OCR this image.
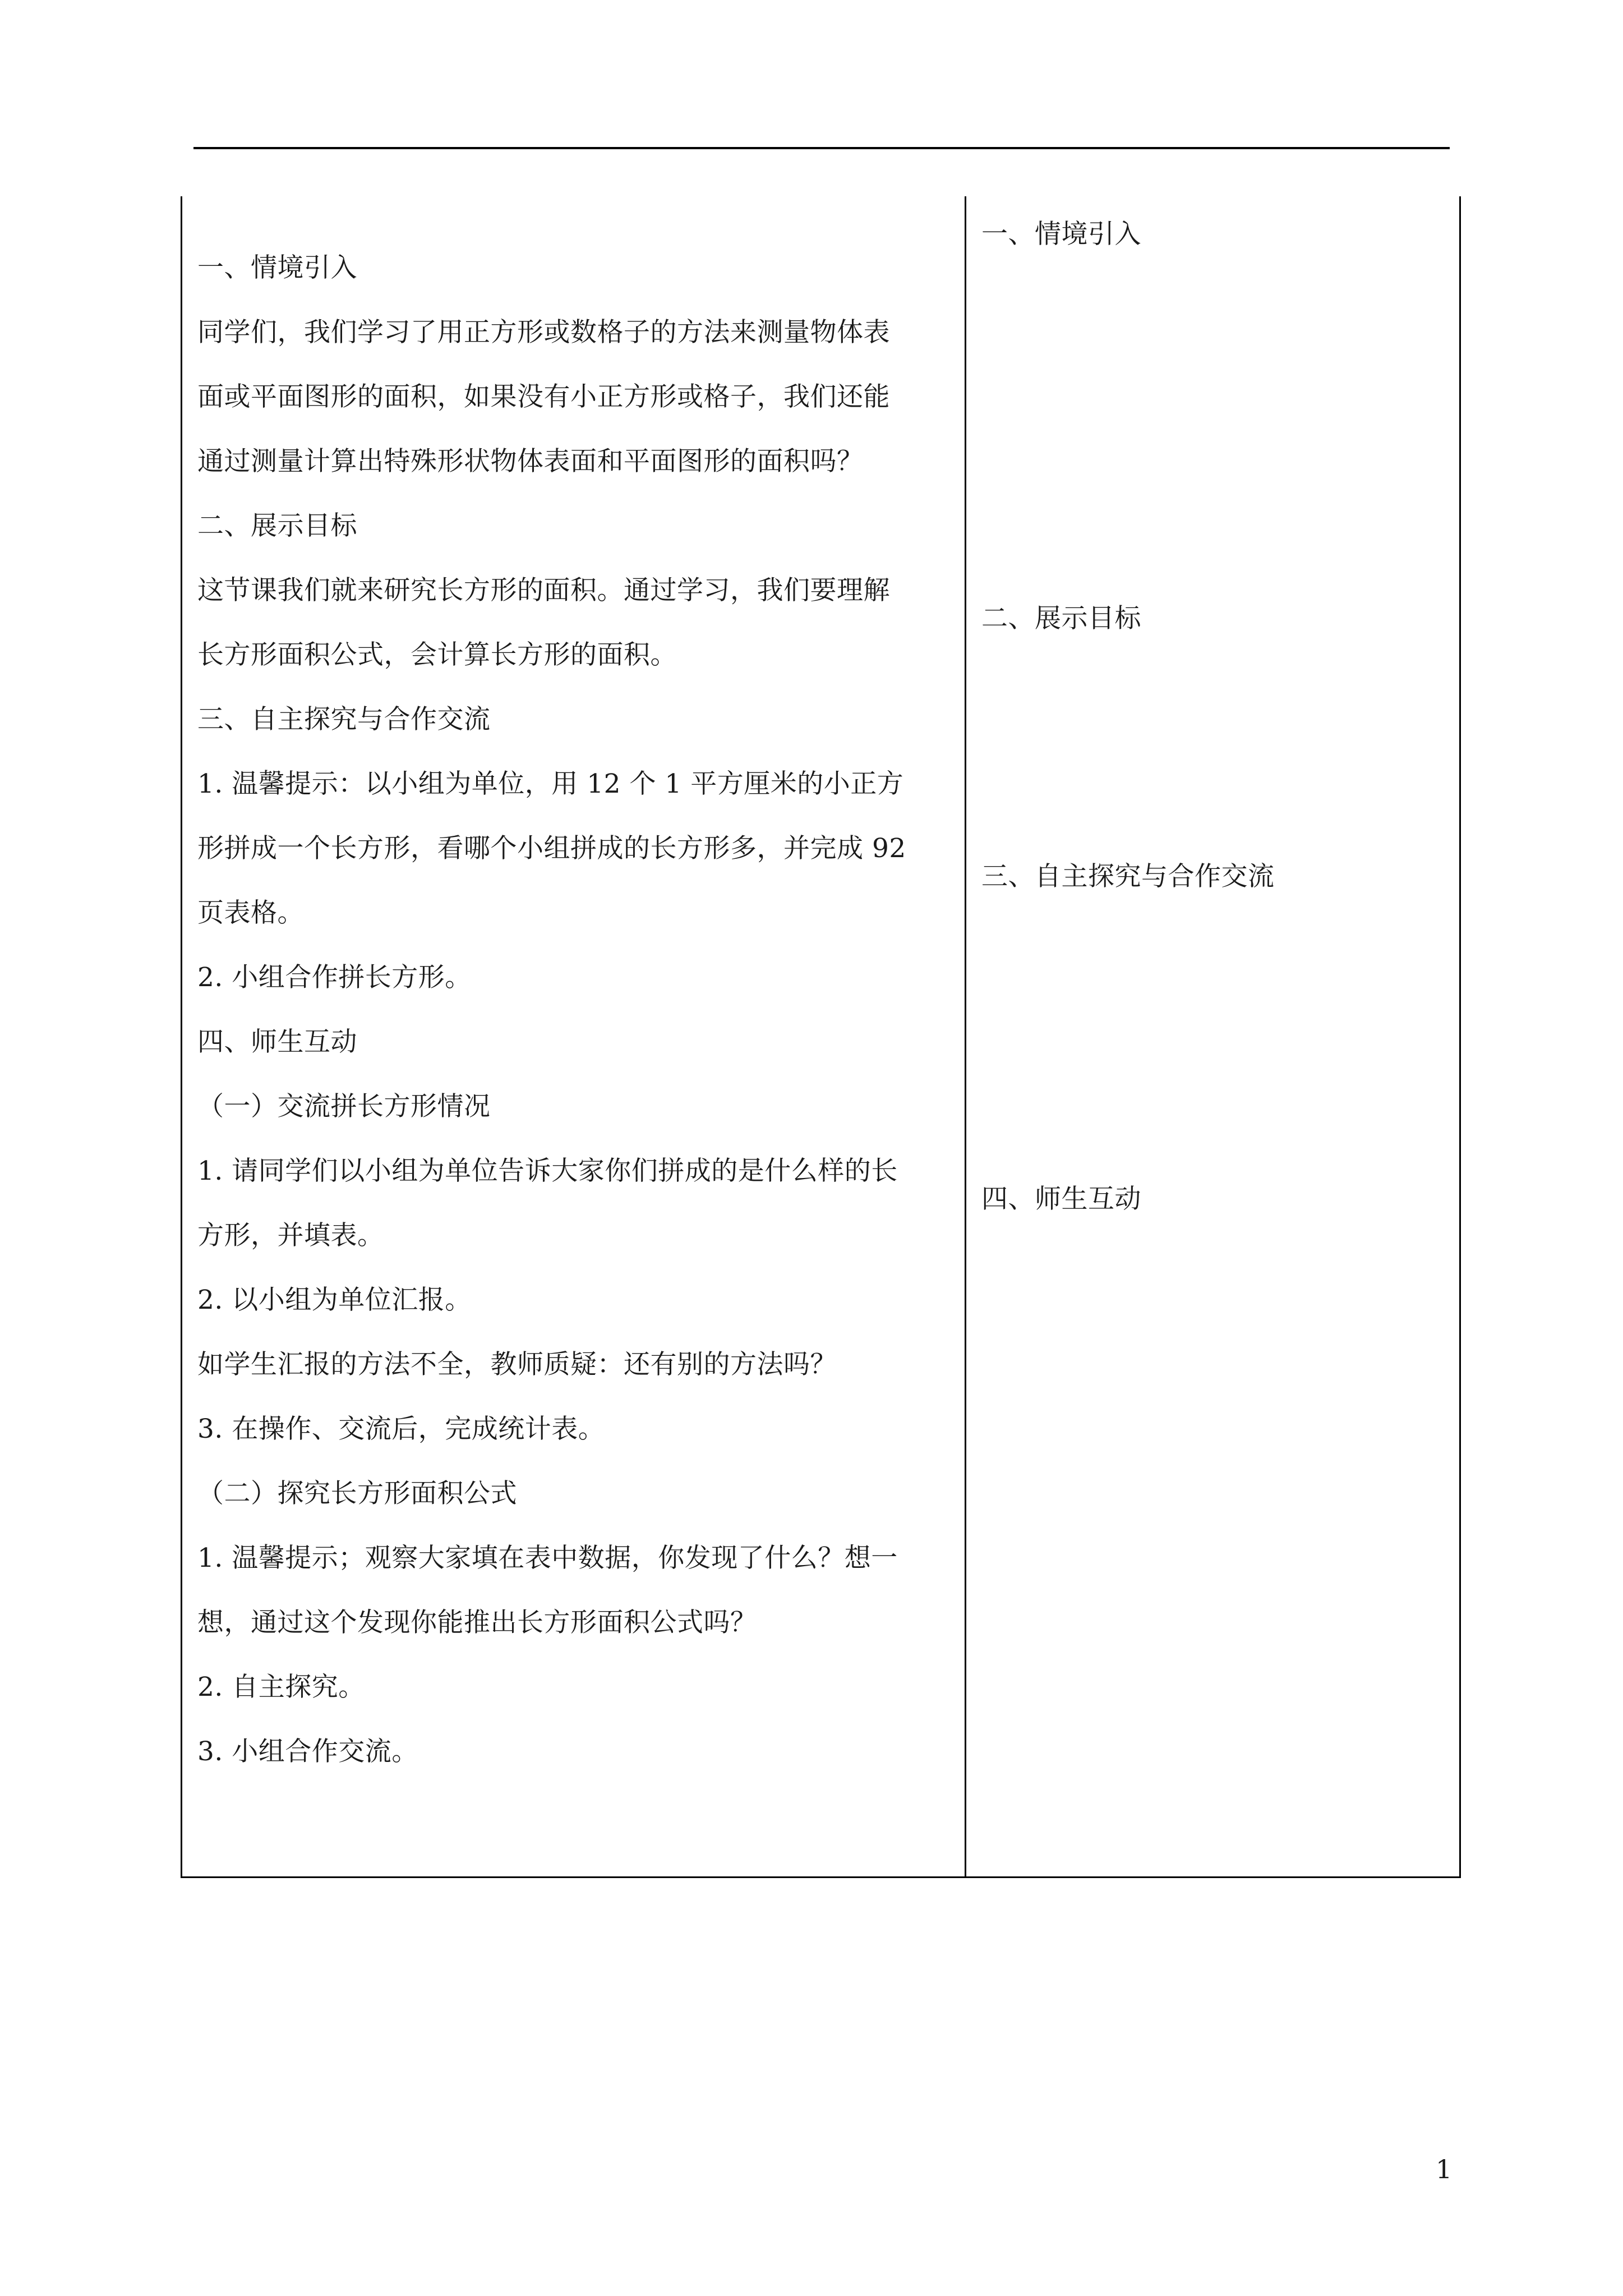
一、情境引入
同学们，我们学习了用正方形或数格子的方法来测量物体表
面或平面图形的面积，如果没有小正方形或格子，我们还能
通过测量计算出特殊形状物体表面和平面图形的面积吗？
二、展示目标
这节课我们就来研究长方形的面积。通过学习，我们要理解
长方形面积公式，会计算长方形的面积。
三、自主探究与合作交流
1. 温馨提示：以小组为单位，用 12 个 1 平方厘米的小正方
形拼成一个长方形，看哪个小组拼成的长方形多，并完成 92
页表格。
2. 小组合作拼长方形。
四、师生互动
（一）交流拼长方形情况
1. 请同学们以小组为单位告诉大家你们拼成的是什么样的长
方形，并填表。
2. 以小组为单位汇报。
如学生汇报的方法不全，教师质疑：还有别的方法吗？
3. 在操作、交流后，完成统计表。
（二）探究长方形面积公式
1. 温馨提示；观察大家填在表中数据，你发现了什么？想一
想，通过这个发现你能推出长方形面积公式吗？
2. 自主探究。
3. 小组合作交流。
一、情境引入
二、展示目标
三、自主探究与合作交流
四、师生互动
1
